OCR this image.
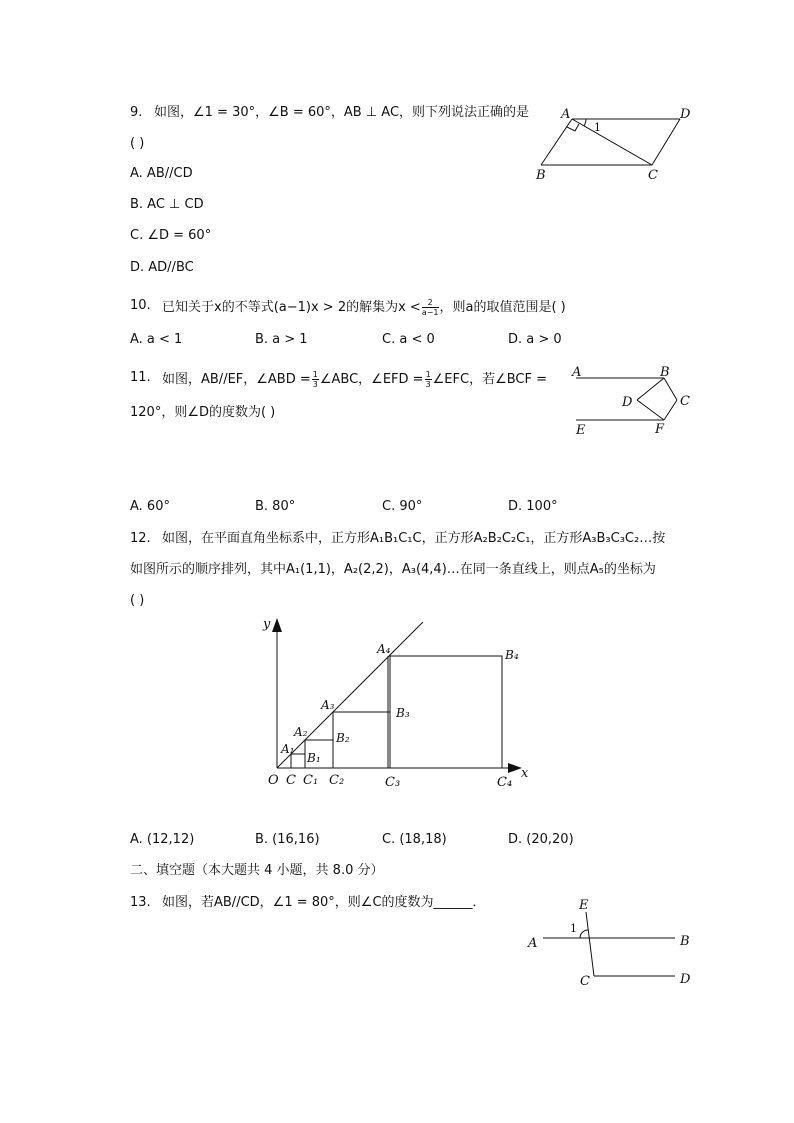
9. 如图，∠1 = 30°，∠B = 60°，AB ⊥ AC，则下列说法正确的是
( )
A. AB//CD
B. AC ⊥ CD
C. ∠D = 60°
D. AD//BC
A	D
B	C
1
10. 已知关于x的不等式(a−1)x > 2的解集为$x < \frac{2}{a-1}$ ，则a的取值范围是( )
A. a < 1	B. a > 1	C. a < 0	D. a > 0
11. 如图，AB//EF，∠ABD = $\frac{1}{3}$ ∠ABC，∠EFD = $\frac{1}{3}$ ∠EFC，若∠BCF =
120°，则∠D的度数为( )
A	B
C
D
E	F
A. 60°	B. 80°	C. 90°	D. 100°
12. 如图，在平面直角坐标系中，正方形A₁B₁C₁C，正方形A₂B₂C₂C₁，正方形A₃B₃C₃C₂…按
如图所示的顺序排列，其中A₁(1,1)，A₂(2,2)，A₃(4,4)…在同一条直线上，则点A₅的坐标为
( )
y
x
O C C₁ C₂	C₃	C₄
A₁
A₂
A₃
A₄
B₁
B₂
B₃
B₄
A. (12,12)	B. (16,16)	C. (18,18)	D. (20,20)
二、填空题（本大题共 4 小题，共 8.0 分）
13. 如图，若AB//CD，∠1 = 80°，则∠C的度数为______．	E
A	B
C	D
1
